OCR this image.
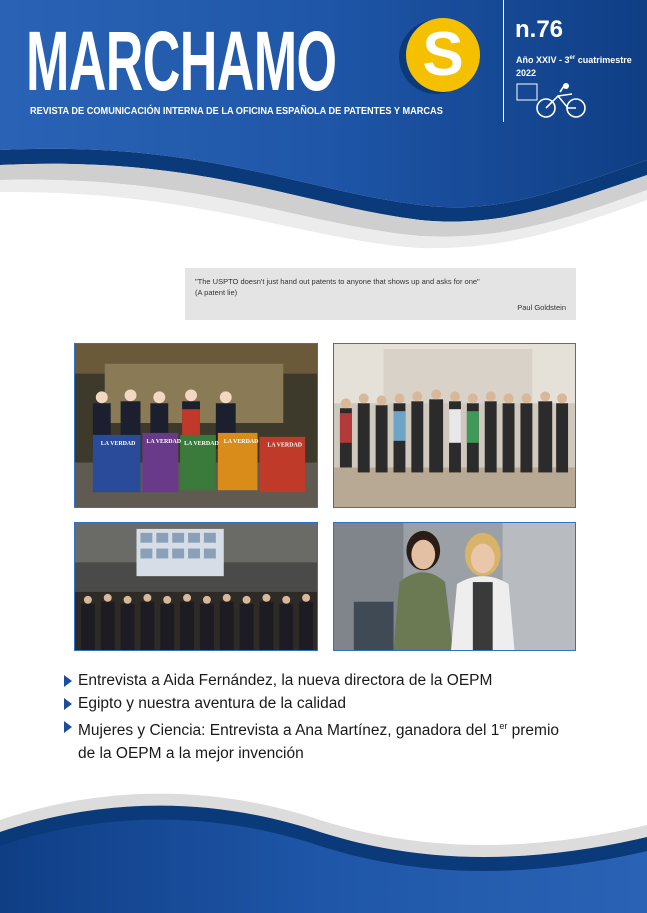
MARCHAMO S
REVISTA DE COMUNICACIÓN INTERNA DE LA OFICINA ESPAÑOLA DE PATENTES Y MARCAS
n.76
Año XXIV - 3er cuatrimestre
2022
"The USPTO doesn't just hand out patents to anyone that shows up and asks for one"
(A patent lie)
Paul Goldstein
LA VERDAD LA VERDAD LA VERDAD LA VERDAD
LA VERDAD
Entrevista a Aida Fernández, la nueva directora de la OEPM
Egipto y nuestra aventura de la calidad
Mujeres y Ciencia: Entrevista a Ana Martínez, ganadora del 1er premio
de la OEPM a la mejor invención
